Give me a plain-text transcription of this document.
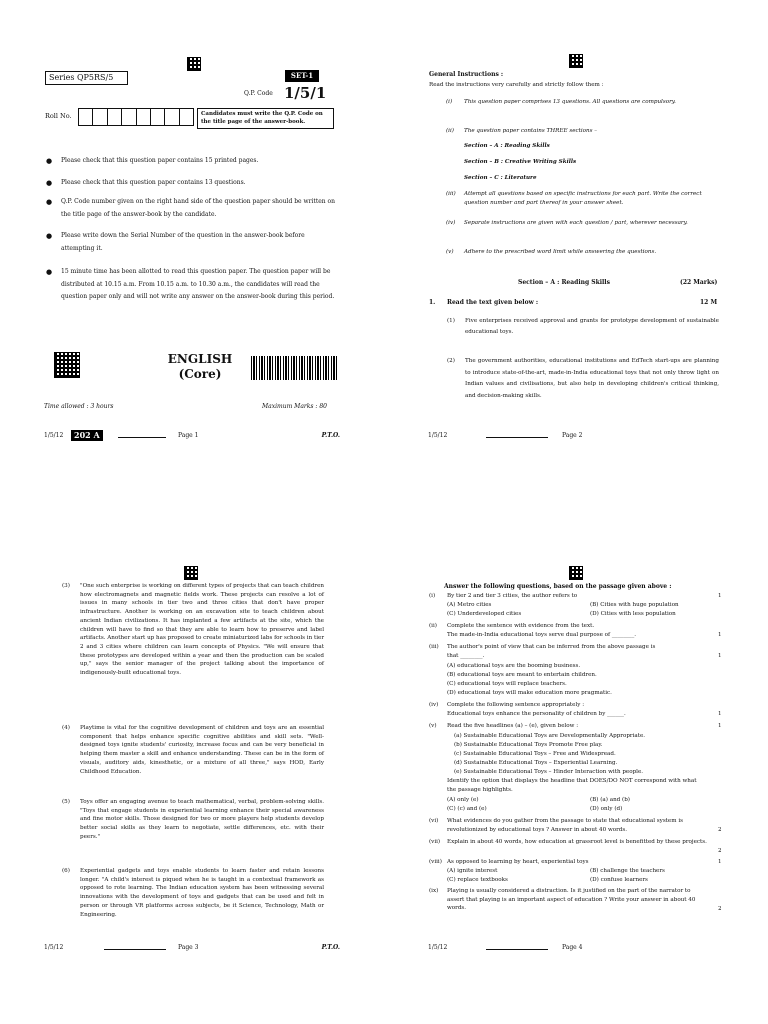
Series QP5RS/5	SET-1
Q.P. Code 1/5/1
Roll No.	Candidates must write the Q.P. Code on the title page of the answer-book.
● Please check that this question paper contains 15 printed pages.
● Please check that this question paper contains 13 questions.
● Q.P. Code number given on the right hand side of the question paper should be written on the title page of the answer-book by the candidate.
● Please write down the Serial Number of the question in the answer-book before attempting it.
● 15 minute time has been allotted to read this question paper. The question paper will be distributed at 10.15 a.m. From 10.15 a.m. to 10.30 a.m., the candidates will read the question paper only and will not write any answer on the answer-book during this period.
ENGLISH
(Core)
Time allowed : 3 hours	Maximum Marks : 80
1/5/12	202 A	Page 1	P.T.O.
General Instructions :
Read the instructions very carefully and strictly follow them :
(i) This question paper comprises 13 questions. All questions are compulsory.
(ii) The question paper contains THREE sections –
Section – A : Reading Skills
Section – B : Creative Writing Skills
Section – C : Literature
(iii) Attempt all questions based on specific instructions for each part. Write the correct question number and part thereof in your answer sheet.
(iv) Separate instructions are given with each question / part, wherever necessary.
(v) Adhere to the prescribed word limit while answering the questions.
Section – A : Reading Skills	(22 Marks)
1. Read the text given below :	12 M
(1) Five enterprises received approval and grants for prototype development of sustainable educational toys.
(2) The government authorities, educational institutions and EdTech start-ups are planning to introduce state-of-the-art, made-in-India educational toys that not only throw light on Indian values and civilisations, but also help in developing children's critical thinking, and decision-making skills.
1/5/12	Page 2
(3) "One such enterprise is working on different types of projects that can teach children how electromagnets and magnetic fields work. These projects can resolve a lot of issues in many schools in tier two and three cities that don't have proper infrastructure. Another is working on an excavation site to teach children about ancient Indian civilizations. It has implanted a few artifacts at the site, which the children will have to find so that they are able to learn how to preserve and label artifacts. Another start up has proposed to create miniaturized labs for schools in tier 2 and 3 cities where children can learn concepts of Physics. "We will ensure that these prototypes are developed within a year and then the production can be scaled up," says the senior manager of the project talking about the importance of indigenously-built educational toys.
(4) Playtime is vital for the cognitive development of children and toys are an essential component that helps enhance specific cognitive abilities and skill sets. "Well-designed toys ignite students' curiosity, increase focus and can be very beneficial in helping them master a skill and enhance understanding. These can be in the form of visuals, auditory aids, kinesthetic, or a mixture of all three," says HOD, Early Childhood Education.
(5) Toys offer an engaging avenue to teach mathematical, verbal, problem-solving skills. "Toys that engage students in experiential learning enhance their special awareness and fine motor skills. Those designed for two or more players help students develop better social skills as they learn to negotiate, settle differences, etc. with their peers."
(6) Experiential gadgets and toys enable students to learn faster and retain lessons longer. "A child's interest is piqued when he is taught in a contextual framework as opposed to rote learning. The Indian education system has been witnessing several innovations with the development of toys and gadgets that can be used and felt in person or through VR platforms across subjects, be it Science, Technology, Math or Engineering.
1/5/12	Page 3	P.T.O.
Answer the following questions, based on the passage given above :
(i) By tier 2 and tier 3 cities, the author refers to	1
(A) Metro cities	(B) Cities with huge population
(C) Underdeveloped cities	(D) Cities with less population
(ii) Complete the sentence with evidence from the text.
The made-in-India educational toys serve dual purpose of ________.	1
(iii) The author's point of view that can be inferred from the above passage is
that ________.	1
(A) educational toys are the booming business.
(B) educational toys are meant to entertain children.
(C) educational toys will replace teachers.
(D) educational toys will make education more pragmatic.
(iv) Complete the following sentence appropriately :
Educational toys enhance the personality of children by ______.	1
(v) Read the five headlines (a) – (e), given below :	1
(a) Sustainable Educational Toys are Developmentally Appropriate.
(b) Sustainable Educational Toys Promote Free play.
(c) Sustainable Educational Toys – Free and Widespread.
(d) Sustainable Educational Toys – Experiential Learning.
(e) Sustainable Educational Toys – Hinder Interaction with people.
Identify the option that displays the headline that DOES/DO NOT correspond with what the passage highlights.
(A) only (e)	(B) (a) and (b)
(C) (c) and (e)	(D) only (d)
(vi) What evidences do you gather from the passage to state that educational system is revolutionized by educational toys ? Answer in about 40 words.	2
(vii) Explain in about 40 words, how education at grassroot level is benefitted by these projects.
2
(viii) As opposed to learning by heart, experiential toys	1
(A) ignite interest	(B) challenge the teachers
(C) replace textbooks	(D) confuse learners
(ix) Playing is usually considered a distraction. Is it justified on the part of the narrator to assert that playing is an important aspect of education ? Write your answer in about 40 words.	2
1/5/12	Page 4
